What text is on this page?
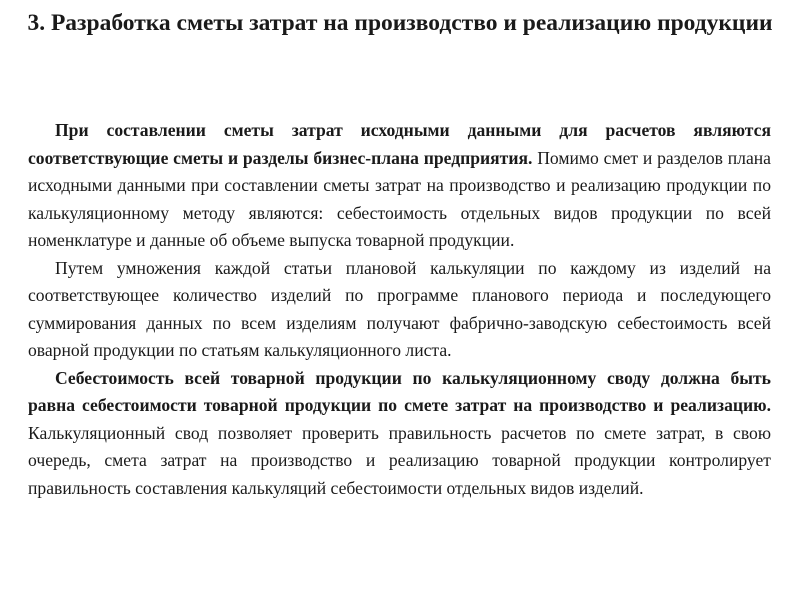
3. Разработка сметы затрат на производство и реализацию продукции

При составлении сметы затрат исходными данными для расчетов являются соответствующие сметы и разделы бизнес-плана предприятия. Помимо смет и разделов плана исходными данными при составлении сметы затрат на производство и реализацию продукции по калькуляционному методу являются: себестоимость отдельных видов продукции по всей номенклатуре и данные об объеме выпуска товарной продукции.

Путем умножения каждой статьи плановой калькуляции по каждому из изделий на соответствующее количество изделий по программе планового периода и последующего суммирования данных по всем изделиям получают фабрично-заводскую себестоимость всей оварной продукции по статьям калькуляционного листа.

Себестоимость всей товарной продукции по калькуляционному своду должна быть равна себестоимости товарной продукции по смете затрат на производство и реализацию. Калькуляционный свод позволяет проверить правильность расчетов по смете затрат, в свою очередь, смета затрат на производство и реализацию товарной продукции контролирует правильность составления калькуляций себестоимости отдельных видов изделий.
